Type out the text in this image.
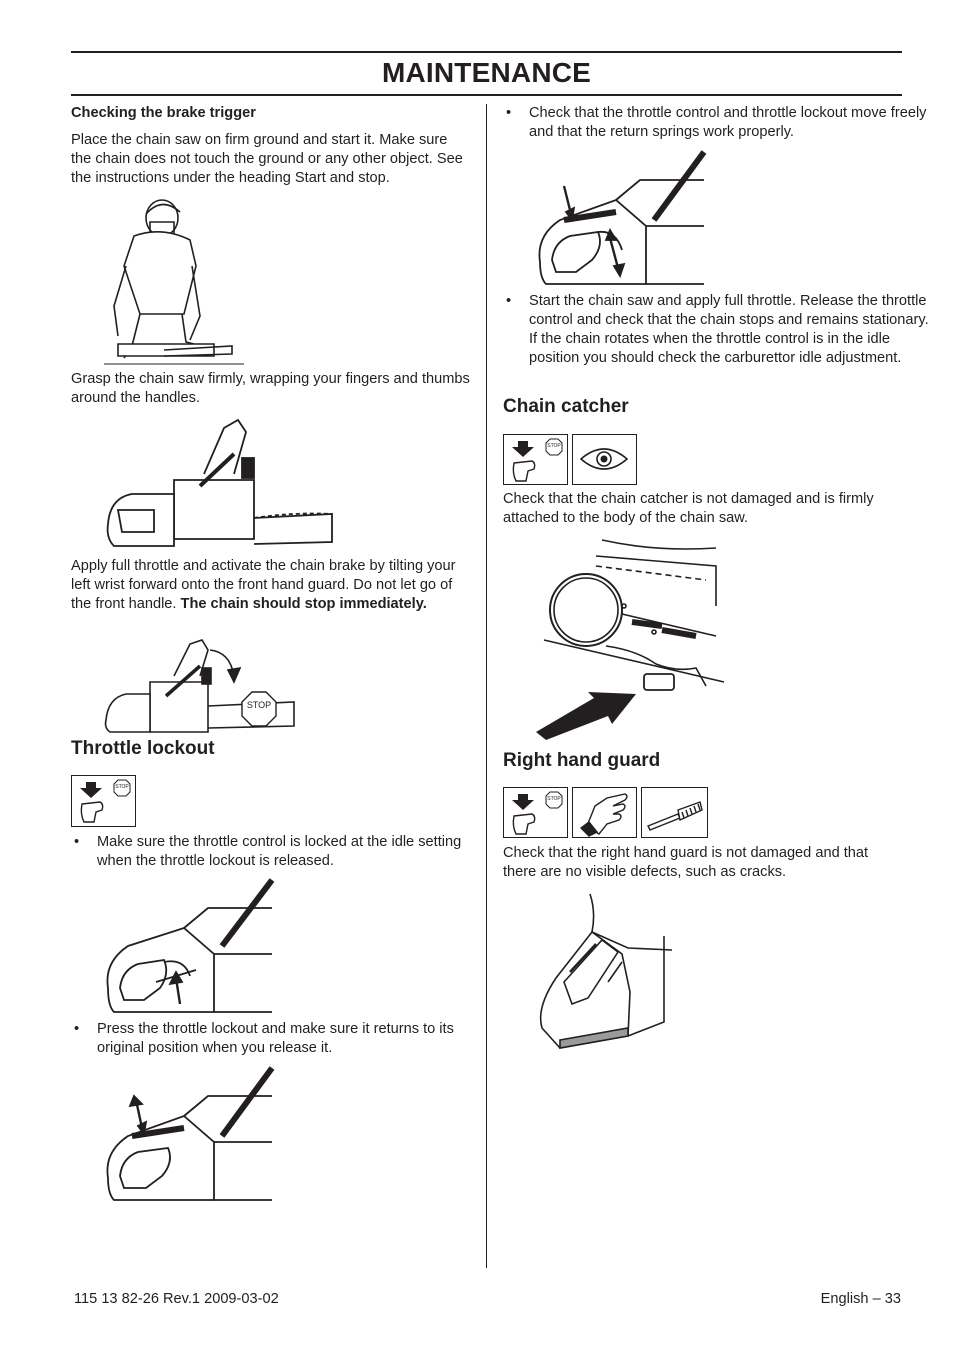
MAINTENANCE
Checking the brake trigger

Place the chain saw on firm ground and start it. Make sure the chain does not touch the ground or any other object. See the instructions under the heading Start and stop.

Grasp the chain saw firmly, wrapping your fingers and thumbs around the handles.

Apply full throttle and activate the chain brake by tilting your left wrist forward onto the front hand guard. Do not let go of the front handle. The chain should stop immediately.

STOP
Throttle lockout
STOP
• Make sure the throttle control is locked at the idle setting when the throttle lockout is released.
• Press the throttle lockout and make sure it returns to its original position when you release it.
• Check that the throttle control and throttle lockout move freely and that the return springs work properly.
• Start the chain saw and apply full throttle. Release the throttle control and check that the chain stops and remains stationary. If the chain rotates when the throttle control is in the idle position you should check the carburettor idle adjustment.
Chain catcher
STOP

Check that the chain catcher is not damaged and is firmly attached to the body of the chain saw.

Right hand guard
STOP

Check that the right hand guard is not damaged and that there are no visible defects, such as cracks.

115 13 82-26 Rev.1 2009-03-02	English – 33
